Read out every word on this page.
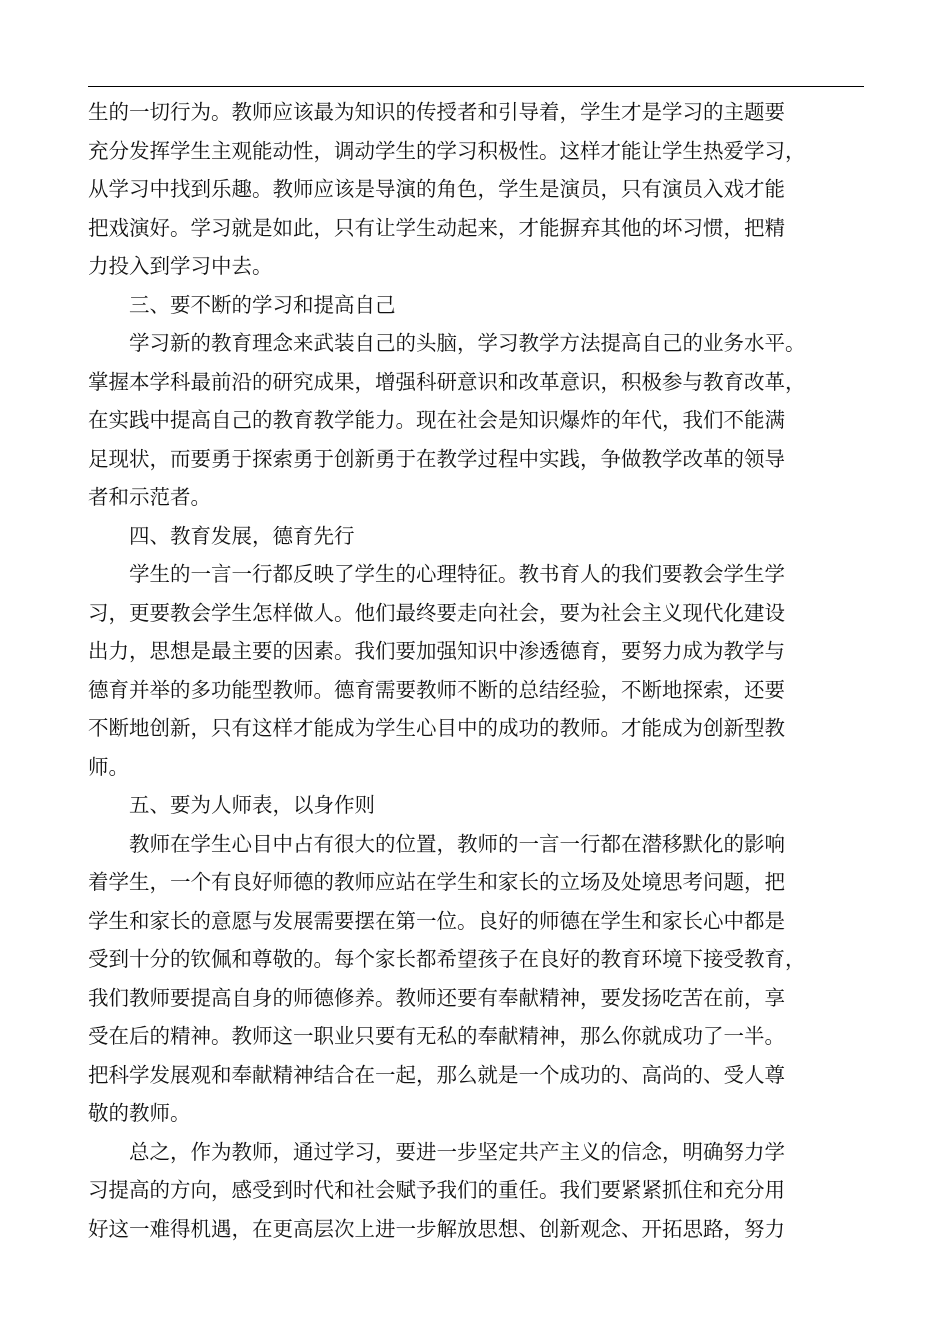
生的一切行为。教师应该最为知识的传授者和引导着，学生才是学习的主题要
充分发挥学生主观能动性，调动学生的学习积极性。这样才能让学生热爱学习，
从学习中找到乐趣。教师应该是导演的角色，学生是演员，只有演员入戏才能
把戏演好。学习就是如此，只有让学生动起来，才能摒弃其他的坏习惯，把精
力投入到学习中去。
三、要不断的学习和提高自己
学习新的教育理念来武装自己的头脑，学习教学方法提高自己的业务水平。
掌握本学科最前沿的研究成果，增强科研意识和改革意识，积极参与教育改革，
在实践中提高自己的教育教学能力。现在社会是知识爆炸的年代，我们不能满
足现状，而要勇于探索勇于创新勇于在教学过程中实践，争做教学改革的领导
者和示范者。
四、教育发展，德育先行
学生的一言一行都反映了学生的心理特征。教书育人的我们要教会学生学
习，更要教会学生怎样做人。他们最终要走向社会，要为社会主义现代化建设
出力，思想是最主要的因素。我们要加强知识中渗透德育，要努力成为教学与
德育并举的多功能型教师。德育需要教师不断的总结经验，不断地探索，还要
不断地创新，只有这样才能成为学生心目中的成功的教师。才能成为创新型教
师。
五、要为人师表，以身作则
教师在学生心目中占有很大的位置，教师的一言一行都在潜移默化的影响
着学生，一个有良好师德的教师应站在学生和家长的立场及处境思考问题，把
学生和家长的意愿与发展需要摆在第一位。良好的师德在学生和家长心中都是
受到十分的钦佩和尊敬的。每个家长都希望孩子在良好的教育环境下接受教育，
我们教师要提高自身的师德修养。教师还要有奉献精神，要发扬吃苦在前，享
受在后的精神。教师这一职业只要有无私的奉献精神，那么你就成功了一半。
把科学发展观和奉献精神结合在一起，那么就是一个成功的、高尚的、受人尊
敬的教师。
总之，作为教师，通过学习，要进一步坚定共产主义的信念，明确努力学
习提高的方向，感受到时代和社会赋予我们的重任。我们要紧紧抓住和充分用
好这一难得机遇，在更高层次上进一步解放思想、创新观念、开拓思路，努力
